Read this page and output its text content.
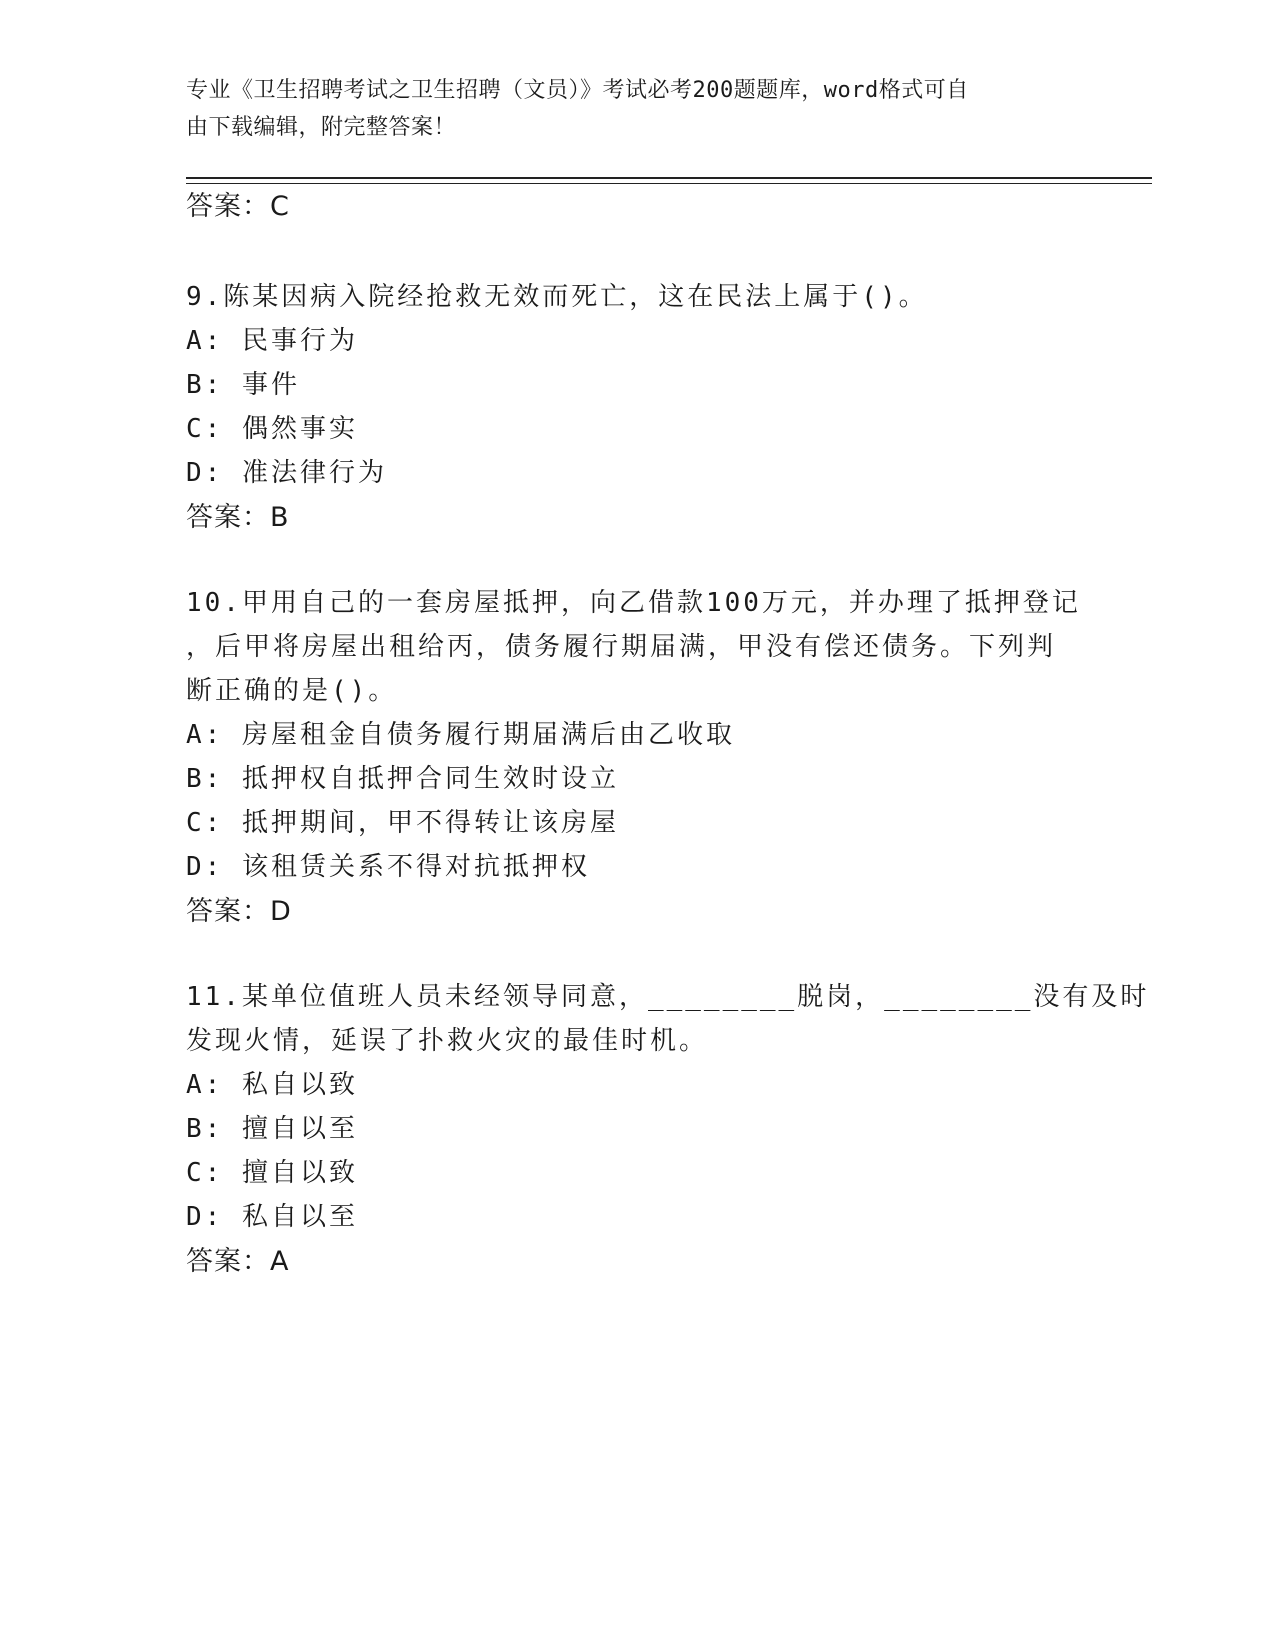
专业《卫生招聘考试之卫生招聘（文员）》考试必考200题题库，word格式可自
由下载编辑，附完整答案！
答案：C
9.陈某因病入院经抢救无效而死亡，这在民法上属于()。
A: 民事行为
B: 事件
C: 偶然事实
D: 准法律行为
答案：B
10.甲用自己的一套房屋抵押，向乙借款100万元，并办理了抵押登记
，后甲将房屋出租给丙，债务履行期届满，甲没有偿还债务。下列判
断正确的是()。
A: 房屋租金自债务履行期届满后由乙收取
B: 抵押权自抵押合同生效时设立
C: 抵押期间，甲不得转让该房屋
D: 该租赁关系不得对抗抵押权
答案：D
11.某单位值班人员未经领导同意，________脱岗，________没有及时
发现火情，延误了扑救火灾的最佳时机。
A: 私自以致
B: 擅自以至
C: 擅自以致
D: 私自以至
答案：A
